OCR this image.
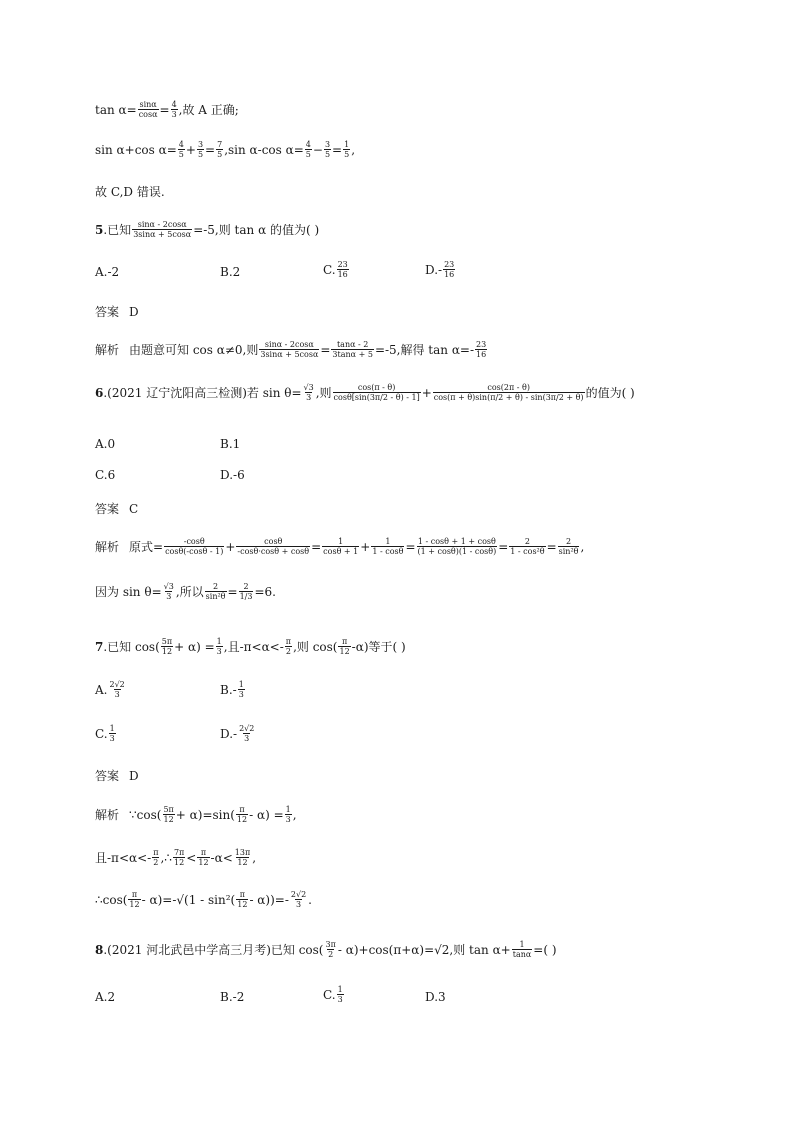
$\tan \alpha= \frac{\sin\alpha}{\cos\alpha} = \frac{4}{3}$ ,故 A 正确;
sin α+cos $\alpha= \frac{4}{5} + \frac{3}{5} = \frac{7}{5} ,\sin$ α-cos $\alpha= \frac{4}{5} - \frac{3}{5} = \frac{1}{5}$ ,
故 C,D 错误.
5 .已知 $\frac{\sin\alpha - 2\cos\alpha}{3\sin\alpha + 5\cos\alpha} =-5$,则 tan α 的值为( )
A.-2	B.2	C. $\frac{23}{16}$	$D.- \frac{23}{16}$
答案 D
解析 由题意可知 cos α≠0,则 $\frac{\sin\alpha - 2\cos\alpha}{3\sin\alpha + 5\cos\alpha} = \frac{\tan\alpha - 2}{3\tan\alpha + 5} =-5$,解得 $\tan \alpha=- \frac{23}{16}$
6 .(2021 辽宁沈阳高三检测)若 $\sin \theta= \frac{√3}{3}$ ,则 $\frac{\cos(\pi - \theta)}{\cos\theta[\sin(3\pi/2 - \theta) - 1]} + \frac{\cos(2\pi - \theta)}{\cos(\pi + \theta)\sin(\pi/2 + \theta) - \sin(3\pi/2 + \theta)}$ 的值为( )
A.0	B.1
C.6	D.-6
答案 C
解析 原式= $\frac{-\cos\theta}{\cos\theta(-\cos\theta - 1)} + \frac{\cos\theta}{-\cos\theta\cdot\cos\theta + \cos\theta} = \frac{1}{\cos\theta + 1} + \frac{1}{1 - \cos\theta} = \frac{1 - \cos\theta + 1 + \cos\theta}{(1 + \cos\theta)(1 - \cos\theta)} = \frac{2}{\text{1 - cos²θ}} = \frac{2}{\text{sin²θ}}$ ,
因为 $\sin \theta= \frac{√3}{3}$ ,所以 $\frac{2}{\text{sin²θ}} = \frac{2}{1/3} =6$.
7 .已知 $\cos( \frac{5\pi}{12} + \alpha) = \frac{1}{3}$ ,且$-\pi<\alpha<- \frac{\pi}{2}$ ,则 $\cos( \frac{\pi}{12} -\alpha)$等于( )
A. $\frac{2√2}{3}$	$B.- \frac{1}{3}$
C. $\frac{1}{3}$	$D.- \frac{2√2}{3}$
答案 D
解析 ∵cos( $\frac{5\pi}{12} + \alpha)=\sin( \frac{\pi}{12} - \alpha) = \frac{1}{3}$ ,
且$-\pi<\alpha<- \frac{\pi}{2}$ ,∴ $\frac{7\pi}{12} < \frac{\pi}{12} -\alpha< \frac{13\pi}{12}$ ,
∴cos( $\frac{\pi}{12} - \alpha)=-√(1 - \sin^2( \frac{\pi}{12} - \alpha))=- \frac{2√2}{3}$ .
8 .(2021 河北武邑中学高三月考)已知 $\cos( \frac{3\pi}{2} - \alpha)+\cos(\pi+\alpha)=√2$,则 $\tan \alpha+ \frac{1}{\tan\alpha}$ =( )
A.2	B.-2	C. $\frac{1}{3}$	D.3
